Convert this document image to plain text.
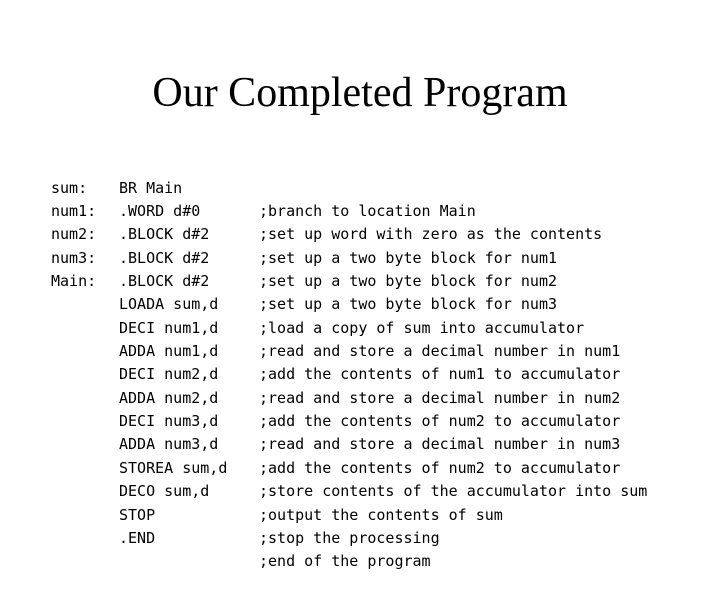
Our Completed Program

BR Main

;branch to location Main

sum:

.WORD d#0

;set up word with zero as the contents

num1:

.BLOCK d#2

;set up a two byte block for num1

num2:

.BLOCK d#2

;set up a two byte block for num2

num3:

.BLOCK d#2

;set up a two byte block for num3

Main:

LOADA sum,d

;load a copy of sum into accumulator

DECI num1,d

;read and store a decimal number in num1

ADDA num1,d

;add the contents of num1 to accumulator

DECI num2,d

;read and store a decimal number in num2

ADDA num2,d

;add the contents of num2 to accumulator

DECI num3,d

;read and store a decimal number in num3

ADDA num3,d

;add the contents of num2 to accumulator

STOREA sum,d

;store contents of the accumulator into sum

DECO sum,d

;output the contents of sum

STOP

;stop the processing

.END

;end of the program
